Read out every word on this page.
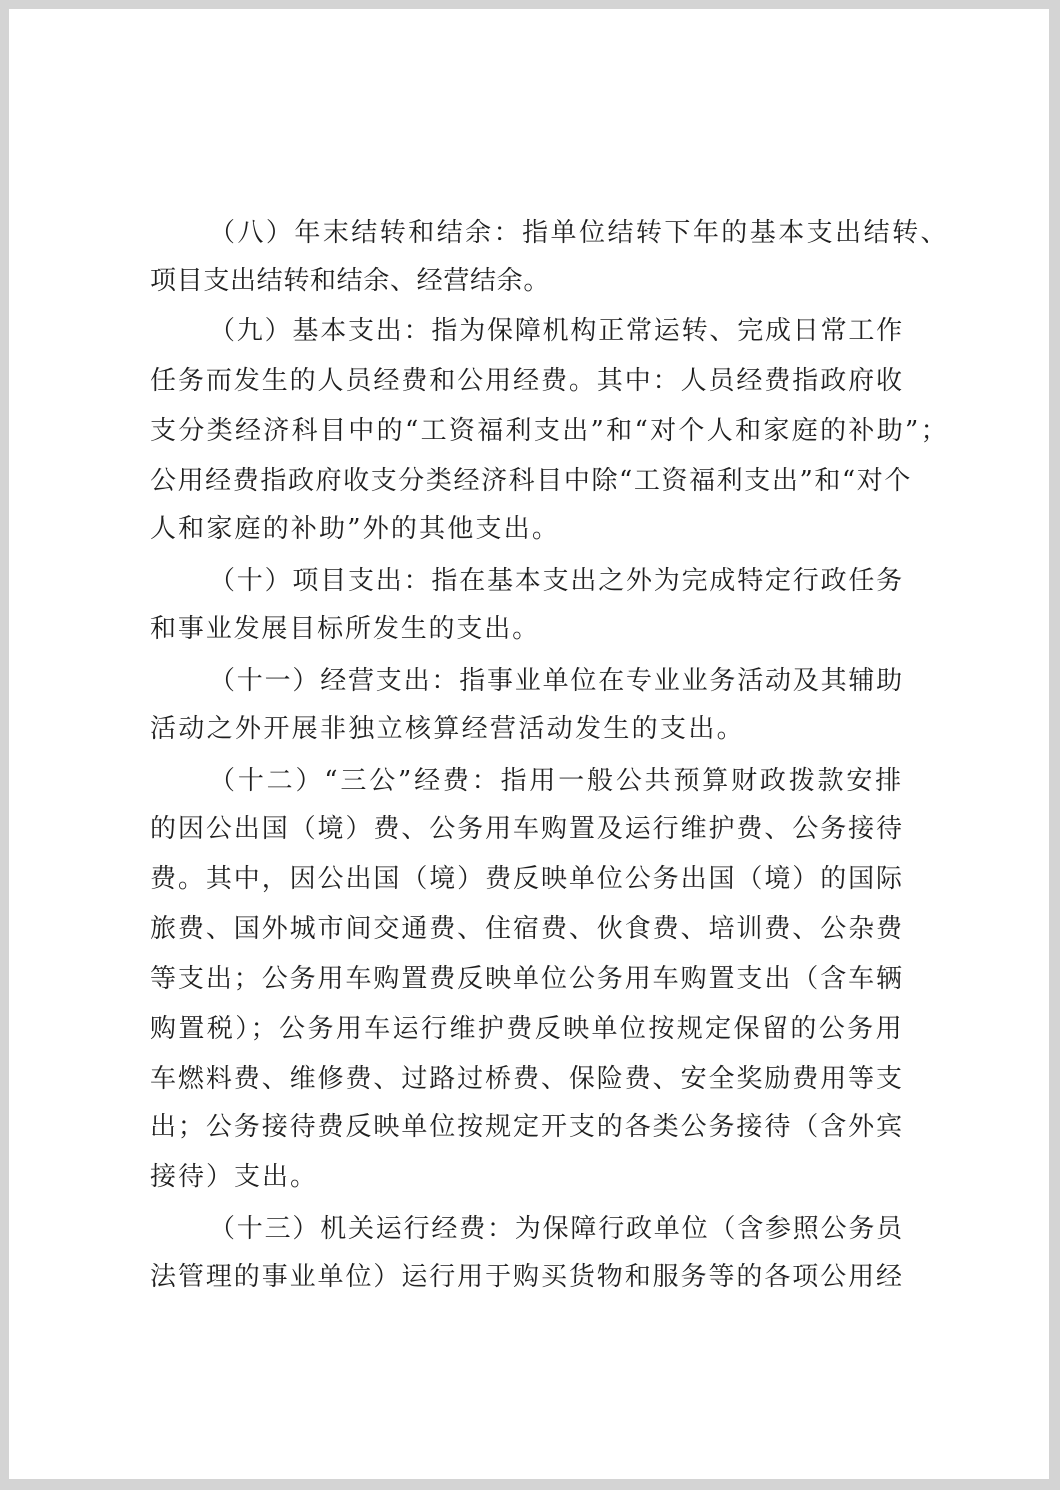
（八）年末结转和结余：指单位结转下年的基本支出结转、
项目支出结转和结余、经营结余。
（九）基本支出：指为保障机构正常运转、完成日常工作
任务而发生的人员经费和公用经费。其中：人员经费指政府收
支分类经济科目中的“工资福利支出”和“对个人和家庭的补助”；
公用经费指政府收支分类经济科目中除“工资福利支出”和“对个
人和家庭的补助”外的其他支出。
（十）项目支出：指在基本支出之外为完成特定行政任务
和事业发展目标所发生的支出。
（十一）经营支出：指事业单位在专业业务活动及其辅助
活动之外开展非独立核算经营活动发生的支出。
（十二）“三公”经费：指用一般公共预算财政拨款安排
的因公出国（境）费、公务用车购置及运行维护费、公务接待
费。其中，因公出国（境）费反映单位公务出国（境）的国际
旅费、国外城市间交通费、住宿费、伙食费、培训费、公杂费
等支出；公务用车购置费反映单位公务用车购置支出（含车辆
购置税）；公务用车运行维护费反映单位按规定保留的公务用
车燃料费、维修费、过路过桥费、保险费、安全奖励费用等支
出；公务接待费反映单位按规定开支的各类公务接待（含外宾
接待）支出。
（十三）机关运行经费：为保障行政单位（含参照公务员
法管理的事业单位）运行用于购买货物和服务等的各项公用经
